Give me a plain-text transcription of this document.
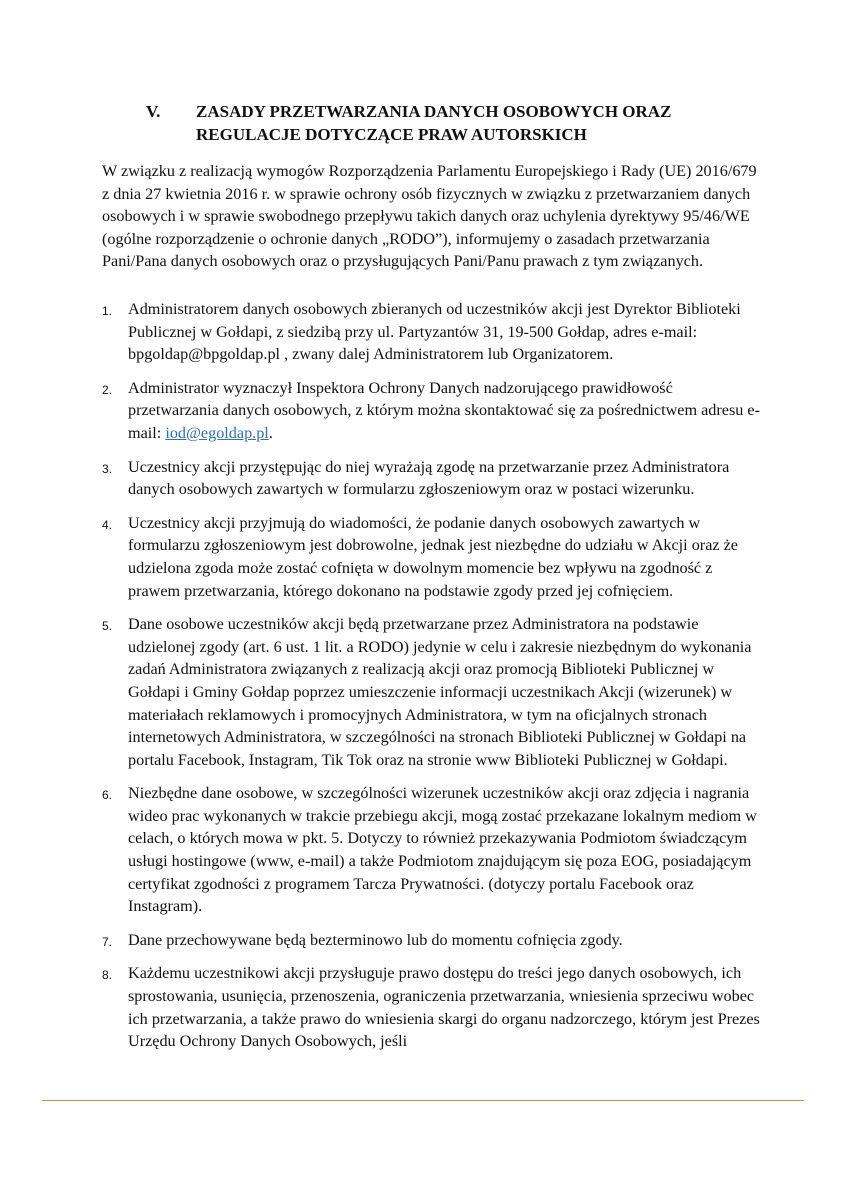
V.	ZASADY PRZETWARZANIA DANYCH OSOBOWYCH ORAZ
REGULACJE DOTYCZĄCE PRAW AUTORSKICH

W związku z realizacją wymogów Rozporządzenia Parlamentu Europejskiego i Rady (UE) 2016/679 z dnia 27 kwietnia 2016 r. w sprawie ochrony osób fizycznych w związku z przetwarzaniem danych osobowych i w sprawie swobodnego przepływu takich danych oraz uchylenia dyrektywy 95/46/WE (ogólne rozporządzenie o ochronie danych „RODO”), informujemy o zasadach przetwarzania Pani/Pana danych osobowych oraz o przysługujących Pani/Panu prawach z tym związanych.

1. Administratorem danych osobowych zbieranych od uczestników akcji jest Dyrektor Biblioteki Publicznej w Gołdapi, z siedzibą przy ul. Partyzantów 31, 19-500 Gołdap, adres e-mail: bpgoldap@bpgoldap.pl , zwany dalej Administratorem lub Organizatorem.
2. Administrator wyznaczył Inspektora Ochrony Danych nadzorującego prawidłowość przetwarzania danych osobowych, z którym można skontaktować się za pośrednictwem adresu e-mail: iod@egoldap.pl.
3. Uczestnicy akcji przystępując do niej wyrażają zgodę na przetwarzanie przez Administratora danych osobowych zawartych w formularzu zgłoszeniowym oraz w postaci wizerunku.
4. Uczestnicy akcji przyjmują do wiadomości, że podanie danych osobowych zawartych w formularzu zgłoszeniowym jest dobrowolne, jednak jest niezbędne do udziału w Akcji oraz że udzielona zgoda może zostać cofnięta w dowolnym momencie bez wpływu na zgodność z prawem przetwarzania, którego dokonano na podstawie zgody przed jej cofnięciem.
5. Dane osobowe uczestników akcji będą przetwarzane przez Administratora na podstawie udzielonej zgody (art. 6 ust. 1 lit. a RODO) jedynie w celu i zakresie niezbędnym do wykonania zadań Administratora związanych z realizacją akcji oraz promocją Biblioteki Publicznej w Gołdapi i Gminy Gołdap poprzez umieszczenie informacji uczestnikach Akcji (wizerunek) w materiałach reklamowych i promocyjnych Administratora, w tym na oficjalnych stronach internetowych Administratora, w szczególności na stronach Biblioteki Publicznej w Gołdapi na portalu Facebook, Instagram, Tik Tok oraz na stronie www Biblioteki Publicznej w Gołdapi.
6. Niezbędne dane osobowe, w szczególności wizerunek uczestników akcji oraz zdjęcia i nagrania wideo prac wykonanych w trakcie przebiegu akcji, mogą zostać przekazane lokalnym mediom w celach, o których mowa w pkt. 5. Dotyczy to również przekazywania Podmiotom świadczącym usługi hostingowe (www, e-mail) a także Podmiotom znajdującym się poza EOG, posiadającym certyfikat zgodności z programem Tarcza Prywatności. (dotyczy portalu Facebook oraz Instagram).
7. Dane przechowywane będą bezterminowo lub do momentu cofnięcia zgody.
8. Każdemu uczestnikowi akcji przysługuje prawo dostępu do treści jego danych osobowych, ich sprostowania, usunięcia, przenoszenia, ograniczenia przetwarzania, wniesienia sprzeciwu wobec ich przetwarzania, a także prawo do wniesienia skargi do organu nadzorczego, którym jest Prezes Urzędu Ochrony Danych Osobowych, jeśli
